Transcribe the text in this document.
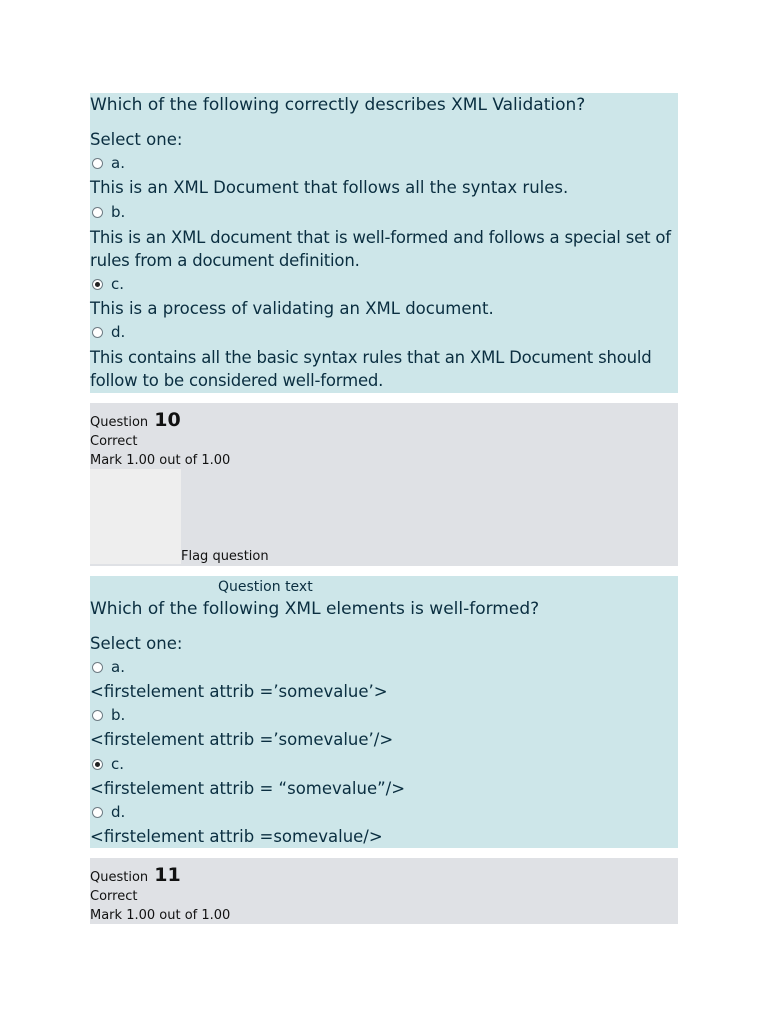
Which of the following correctly describes XML Validation?
Select one:
a.
This is an XML Document that follows all the syntax rules.
b.
This is an XML document that is well-formed and follows a special set of rules from a document definition.
c.
This is a process of validating an XML document.
d.
This contains all the basic syntax rules that an XML Document should follow to be considered well-formed.
Question 10
Correct
Mark 1.00 out of 1.00
Flag question
Which of the following XML elements is well-formed?
Select one:
a.
<firstelement attrib =’somevalue’>
b.
<firstelement attrib =’somevalue’/>
c.
<firstelement attrib = “somevalue”/>
d.
<firstelement attrib =somevalue/>
Question text
Question 11
Correct
Mark 1.00 out of 1.00
